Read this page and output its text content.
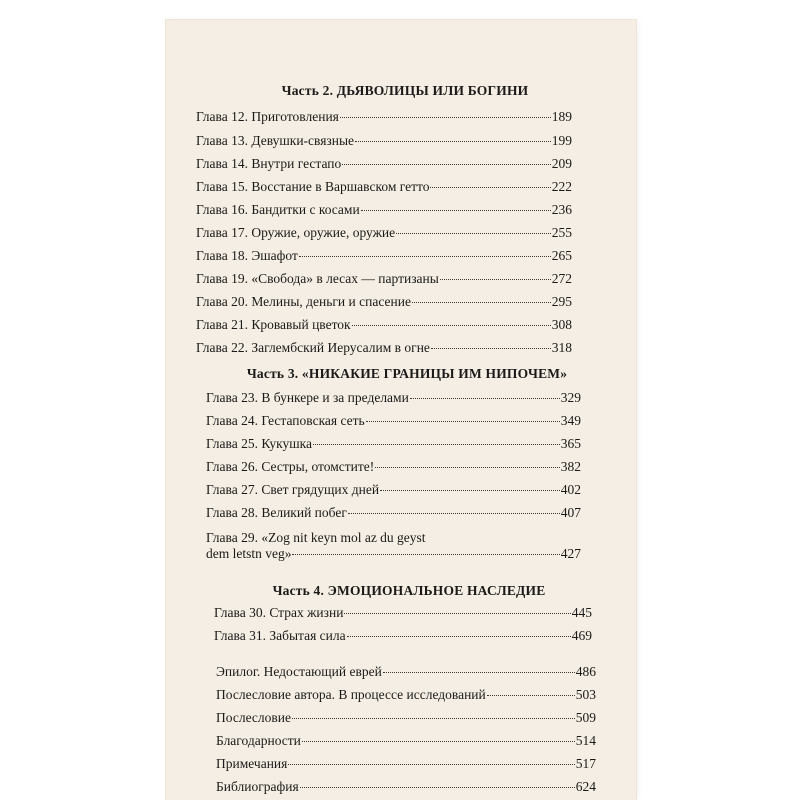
Часть 2. ДЬЯВОЛИЦЫ ИЛИ БОГИНИ
Глава 12. Приготовления	189
Глава 13. Девушки-связные	199
Глава 14. Внутри гестапо	209
Глава 15. Восстание в Варшавском гетто	222
Глава 16. Бандитки с косами	236
Глава 17. Оружие, оружие, оружие	255
Глава 18. Эшафот	265
Глава 19. «Свобода» в лесах — партизаны	272
Глава 20. Мелины, деньги и спасение	295
Глава 21. Кровавый цветок	308
Глава 22. Заглембский Иерусалим в огне	318
Часть 3. «НИКАКИЕ ГРАНИЦЫ ИМ НИПОЧЕМ»
Глава 23. В бункере и за пределами	329
Глава 24. Гестаповская сеть	349
Глава 25. Кукушка	365
Глава 26. Сестры, отомстите!	382
Глава 27. Свет грядущих дней	402
Глава 28. Великий побег	407
Глава 29. «Zog nit keyn mol az du geyst
dem letstn veg»	427
Часть 4. ЭМОЦИОНАЛЬНОЕ НАСЛЕДИЕ
Глава 30. Страх жизни	445
Глава 31. Забытая сила	469
Эпилог. Недостающий еврей	486
Послесловие автора. В процессе исследований	503
Послесловие	509
Благодарности	514
Примечания	517
Библиография	624
